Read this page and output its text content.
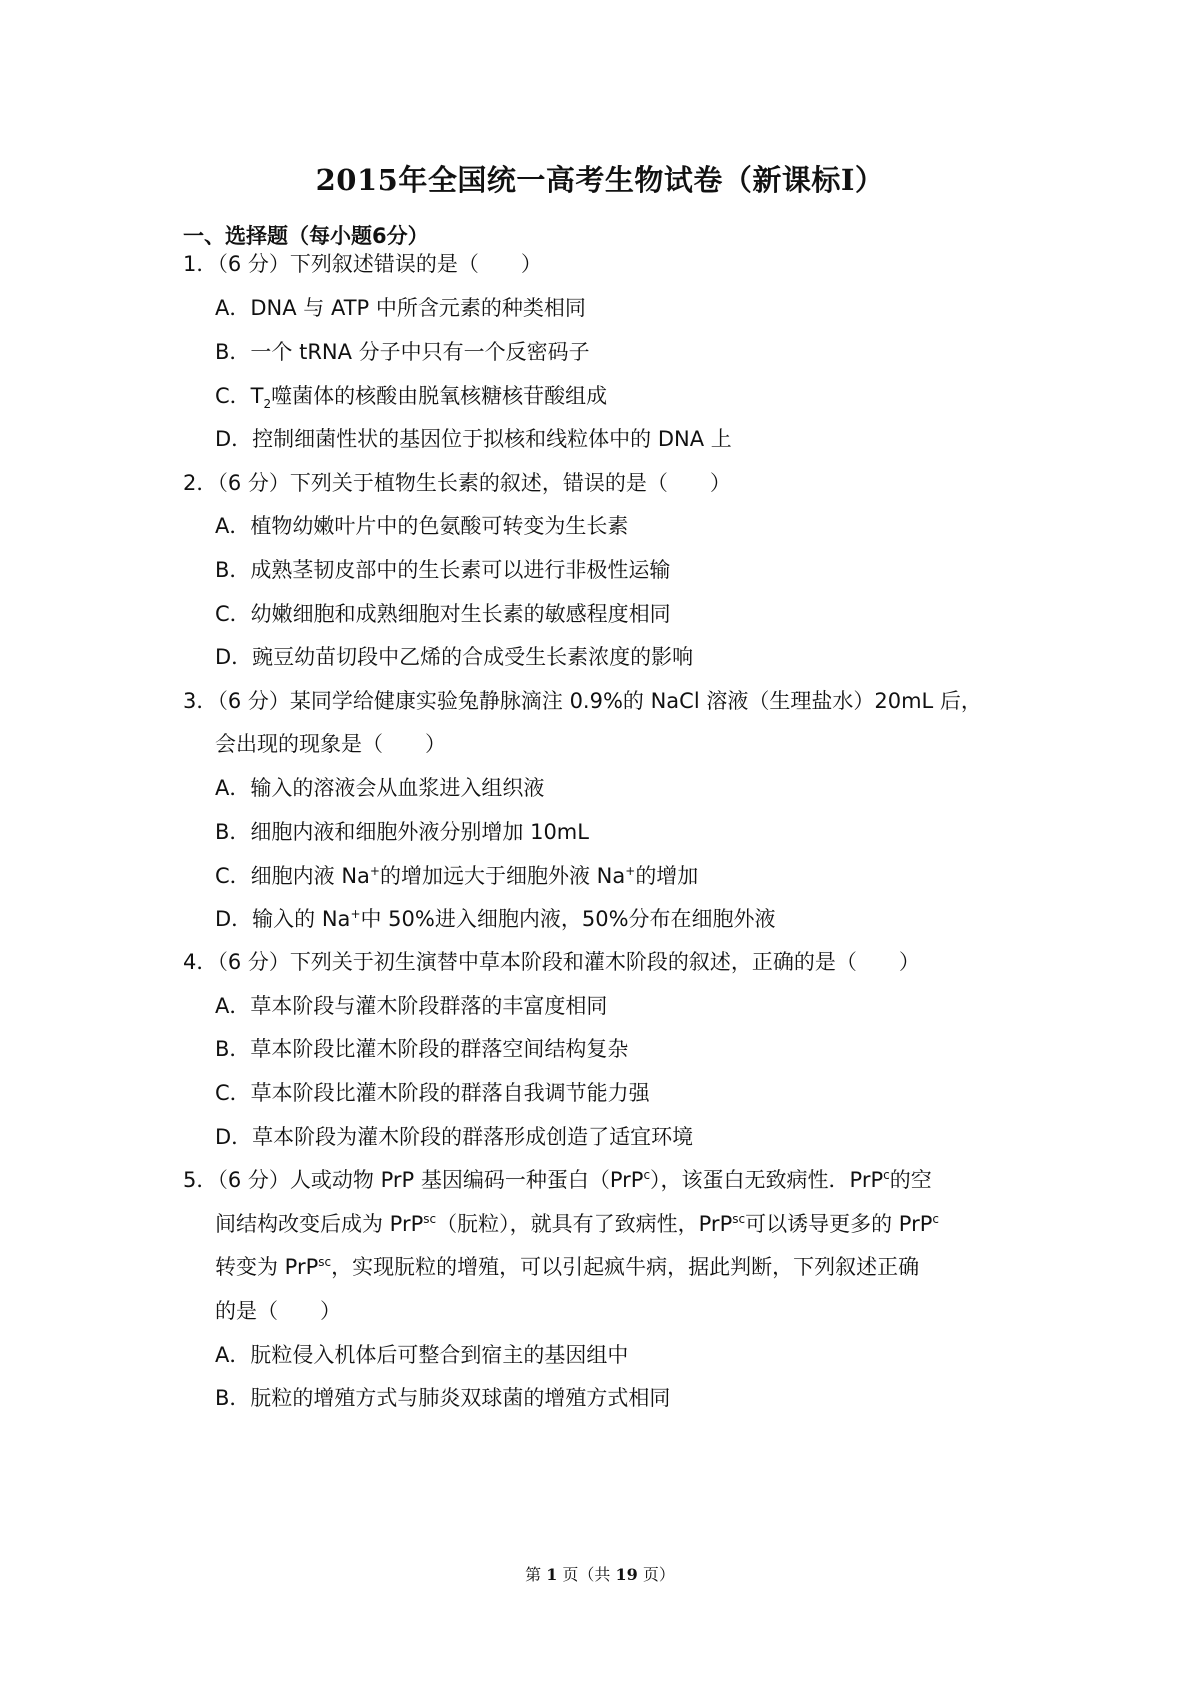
2015年全国统一高考生物试卷（新课标Ⅰ）
一、选择题（每小题6分）
1．（6 分）下列叙述错误的是（　　）
A．DNA 与 ATP 中所含元素的种类相同
B．一个 tRNA 分子中只有一个反密码子
C．$T_2$噬菌体的核酸由脱氧核糖核苷酸组成
D．控制细菌性状的基因位于拟核和线粒体中的 DNA 上
2．（6 分）下列关于植物生长素的叙述，错误的是（　　）
A．植物幼嫩叶片中的色氨酸可转变为生长素
B．成熟茎韧皮部中的生长素可以进行非极性运输
C．幼嫩细胞和成熟细胞对生长素的敏感程度相同
D．豌豆幼苗切段中乙烯的合成受生长素浓度的影响
3．（6 分）某同学给健康实验兔静脉滴注 0.9%的 NaCl 溶液（生理盐水）20mL 后，
会出现的现象是（　　）
A．输入的溶液会从血浆进入组织液
B．细胞内液和细胞外液分别增加 10mL
C．细胞内液 Na+的增加远大于细胞外液 Na+的增加
D．输入的 Na+中 50%进入细胞内液，50%分布在细胞外液
4．（6 分）下列关于初生演替中草本阶段和灌木阶段的叙述，正确的是（　　）
A．草本阶段与灌木阶段群落的丰富度相同
B．草本阶段比灌木阶段的群落空间结构复杂
C．草本阶段比灌木阶段的群落自我调节能力强
D．草本阶段为灌木阶段的群落形成创造了适宜环境
5．（6 分）人或动物 PrP 基因编码一种蛋白（PrP$^c$），该蛋白无致病性．PrP$^c$的空
间结构改变后成为 PrP$^{sc}$（朊粒），就具有了致病性，PrP$^{sc}$可以诱导更多的 PrP$^c$
转变为 PrP$^{sc}$，实现朊粒的增殖，可以引起疯牛病，据此判断，下列叙述正确
的是（　　）
A．朊粒侵入机体后可整合到宿主的基因组中
B．朊粒的增殖方式与肺炎双球菌的增殖方式相同
第 1 页（共 19 页）
